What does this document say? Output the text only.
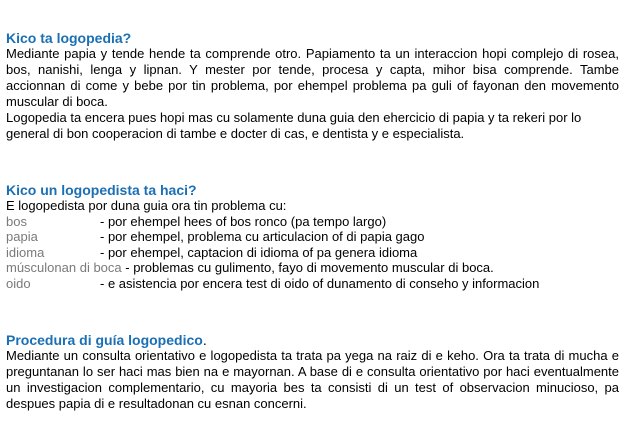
Kico ta logopedia?
Mediante papia y tende hende ta comprende otro. Papiamento ta un interaccion hopi complejo di rosea, bos, nanishi, lenga y lipnan. Y mester por tende, procesa y capta, mihor bisa comprende. Tambe accionnan di come y bebe por tin problema, por ehempel problema pa guli of fayonan den movemento muscular di boca.
Logopedia ta encera pues hopi mas cu solamente duna guia den ehercicio di papia y ta rekeri por lo general di bon cooperacion di tambe e docter di cas, e dentista y e especialista.
Kico un logopedista ta haci?
E logopedista por duna guia ora tin problema cu:
bos	- por ehempel hees of bos ronco (pa tempo largo)
papia	- por ehempel, problema cu articulacion of di papia gago
idioma	- por ehempel, captacion di idioma of pa genera idioma
músculonan di boca - problemas cu gulimento, fayo di movemento muscular di boca.
oido	- e asistencia por encera test di oido of dunamento di conseho y informacion
Procedura di guía logopedico.
Mediante un consulta orientativo e logopedista ta trata pa yega na raiz di e keho. Ora ta trata di mucha e preguntanan lo ser haci mas bien na e mayornan. A base di e consulta orientativo por haci eventualmente un investigacion complementario, cu mayoria bes ta consisti di un test of observacion minucioso, pa despues papia di e resultadonan cu esnan concerni.
